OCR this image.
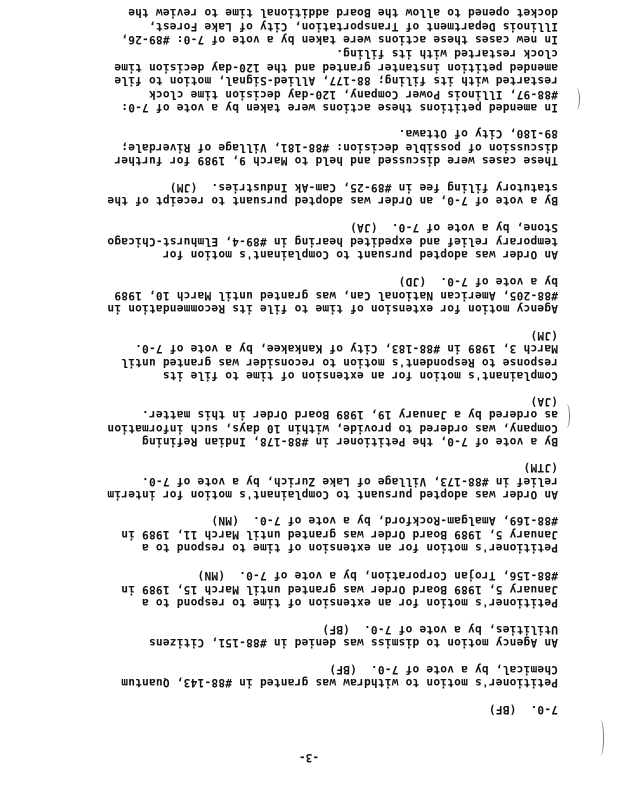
-3-

7-0.  (BF)

Petitioner's motion to withdraw was granted in #88-143, Quantum
Chemical, by a vote of 7-0.  (BF)

An Agency motion to dismiss was denied in #88-151, Citizens
Utilities, by a vote of 7-0.  (BF)

Petitioner's motion for an extension of time to respond to a
January 5, 1989 Board Order was granted until March 15, 1989 in
#88-156, Trojan Corporation, by a vote of 7-0.  (MN)

Petitioner's motion for an extension of time to respond to a
January 5, 1989 Board Order was granted until March 11, 1989 in
#88-169, Amalgam-Rockford, by a vote of 7-0.  (MN)

An Order was adopted pursuant to Complainant's motion for interim
relief in #88-173, Village of Lake Zurich, by a vote of 7-0.
(JTM)

By a vote of 7-0, the Petitioner in #88-178, Indian Refining
Company, was ordered to provide, within 10 days, such information
as ordered by a January 19, 1989 Board Order in this matter.
(JA)

Complainant's motion for an extension of time to file its
response to Respondent's motion to reconsider was granted until
March 3, 1989 in #88-183, City of Kankakee, by a vote of 7-0.
(JM)

Agency motion for extension of time to file its Recommendation in
#88-205, American National Can, was granted until March 10, 1989
by a vote of 7-0.  (JD)

An Order was adopted pursuant to Complainant's motion for
temporary relief and expedited hearing in #89-4, Elmhurst-Chicago
Stone, by a vote of 7-0.  (JA)

By a vote of 7-0, an Order was adopted pursuant to receipt of the
statutory filing fee in #89-25, Cam-Ak Industries.  (JM)

These cases were discussed and held to March 9, 1989 for further
discussion of possible decision: #88-181, Village of Riverdale;
89-180, City of Ottawa.

In amended petitions these actions were taken by a vote of 7-0:
#88-97, Illinois Power Company, 120-day decision time clock
restarted with its filing; 88-177, Allied-Signal, motion to file
amended petition instanter granted and the 120-day decision time
clock restarted with its filing.

In new cases these actions were taken by a vote of 7-0: #89-26,
Illinois Department of Transportation, City of Lake Forest,
docket opened to allow the Board additional time to review the
